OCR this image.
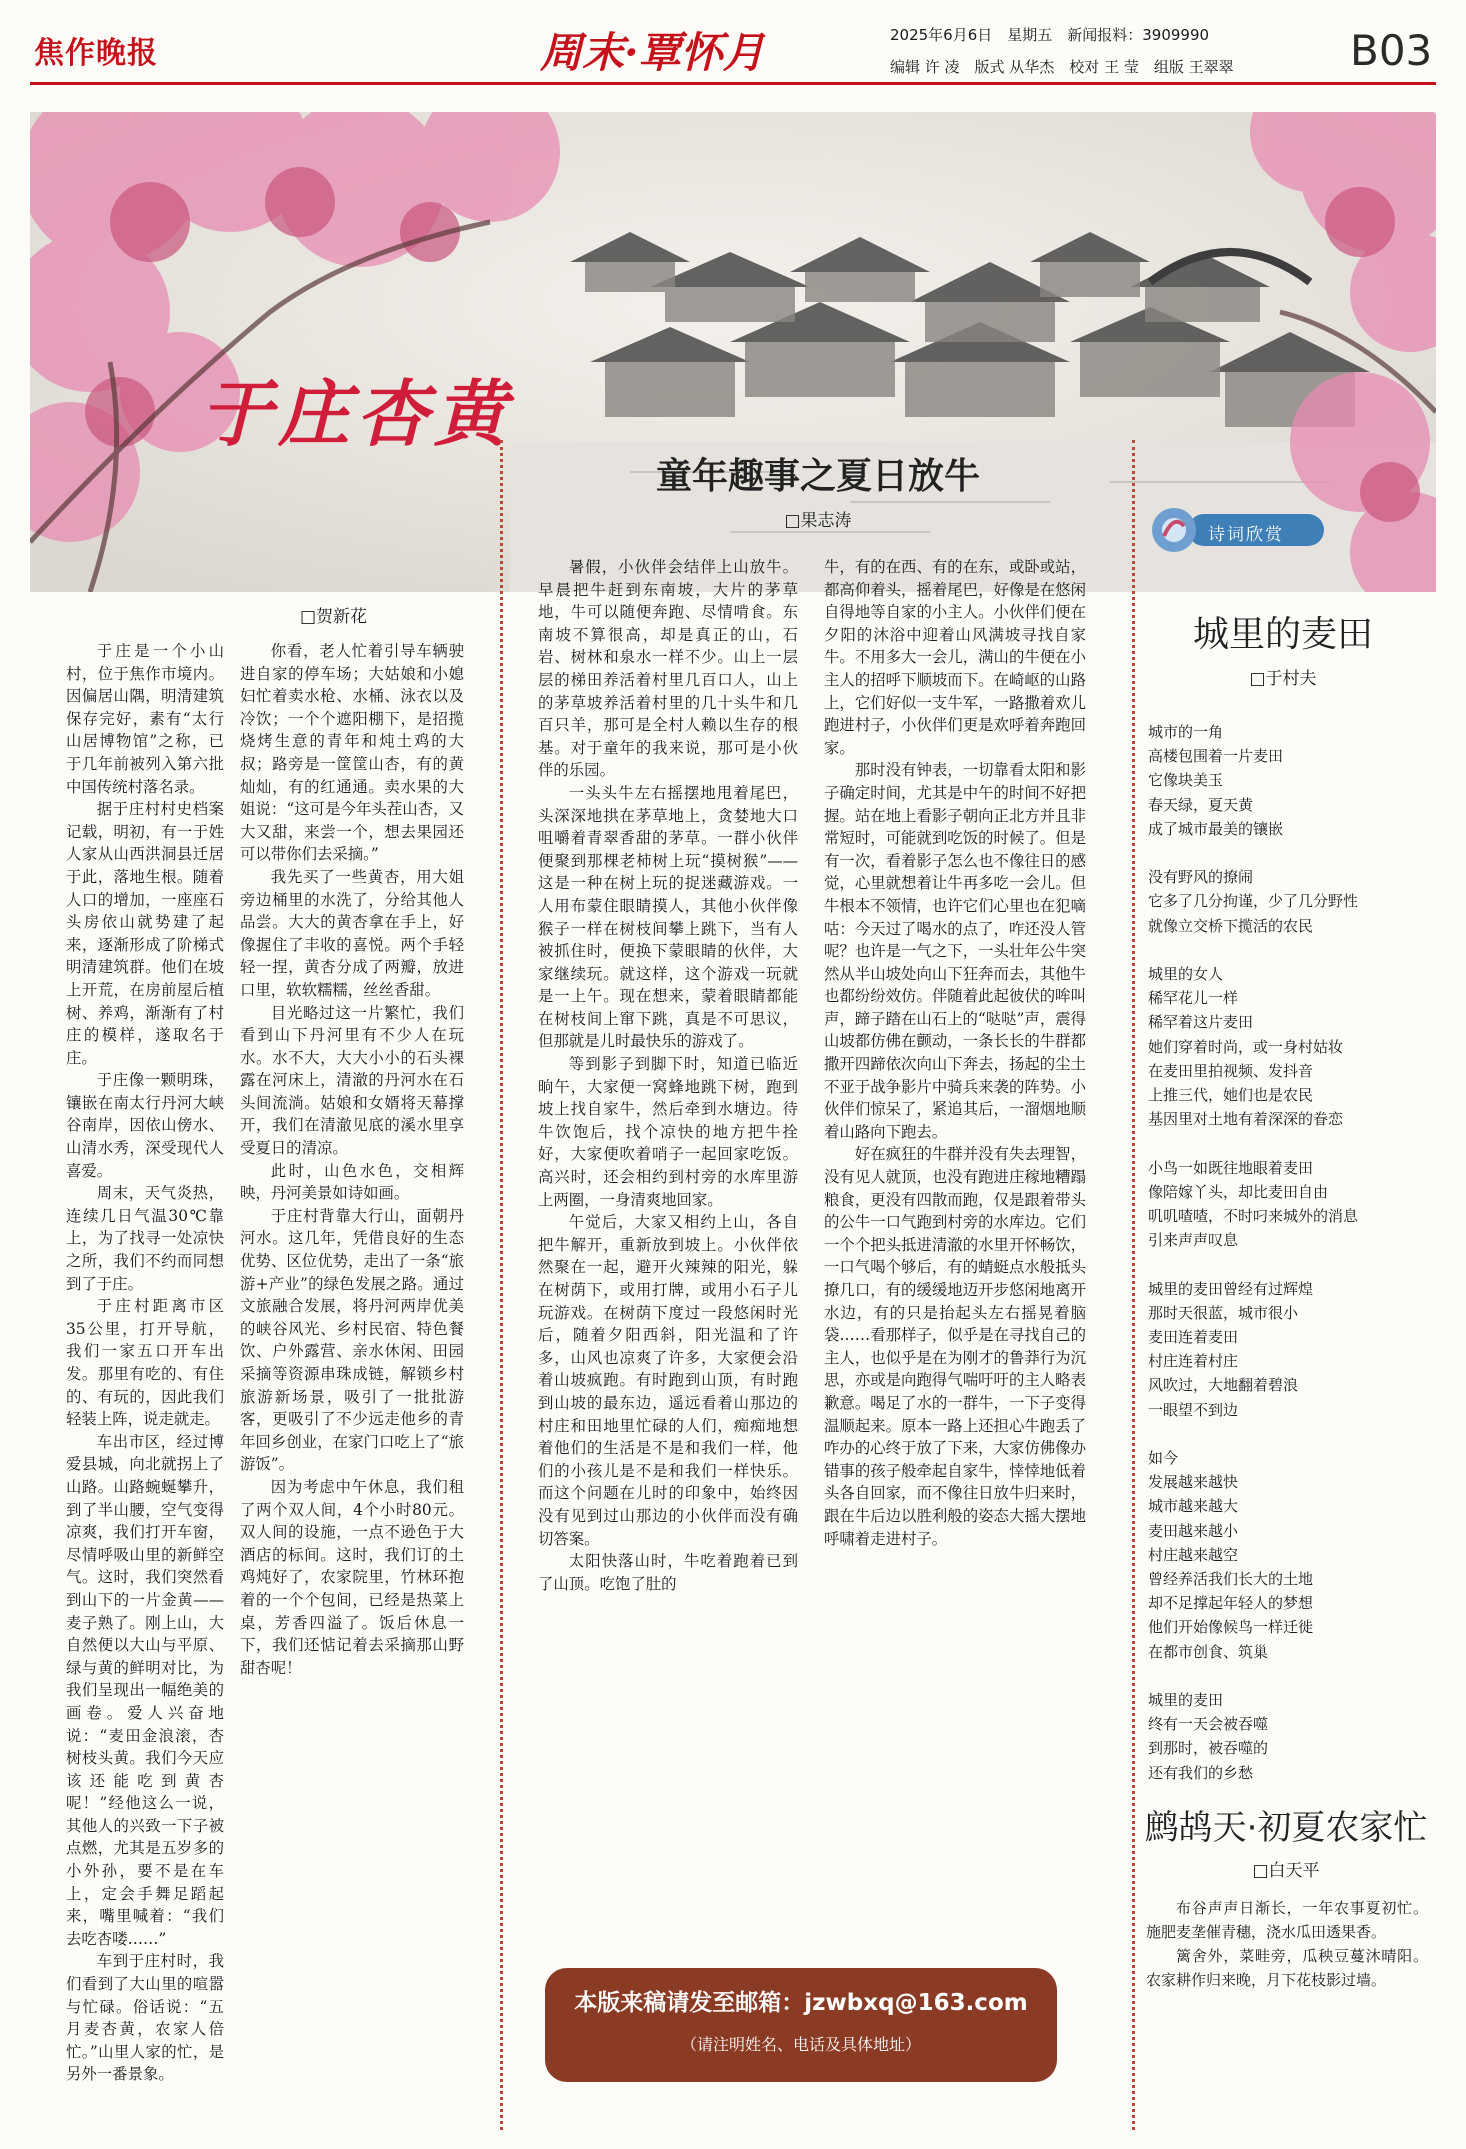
焦作晚报	周末·覃怀月	2025年6月6日　星期五　新闻报料：3909990
编辑 许 凌　版式 从华杰　校对 王 莹　组版 王翠翠	B03
于庄杏黄
□贺新花

于庄是一个小山村，位于焦作市境内。因偏居山隅，明清建筑保存完好，素有“太行山居博物馆”之称，已于几年前被列入第六批中国传统村落名录。

据于庄村村史档案记载，明初，有一于姓人家从山西洪洞县迁居于此，落地生根。随着人口的增加，一座座石头房依山就势建了起来，逐渐形成了阶梯式明清建筑群。他们在坡上开荒，在房前屋后植树、养鸡，渐渐有了村庄的模样，遂取名于庄。

于庄像一颗明珠，镶嵌在南太行丹河大峡谷南岸，因依山傍水、山清水秀，深受现代人喜爱。

周末，天气炎热，连续几日气温30℃靠上，为了找寻一处凉快之所，我们不约而同想到了于庄。

于庄村距离市区35公里，打开导航，我们一家五口开车出发。那里有吃的、有住的、有玩的，因此我们轻装上阵，说走就走。

车出市区，经过博爱县城，向北就拐上了山路。山路蜿蜒攀升，到了半山腰，空气变得凉爽，我们打开车窗，尽情呼吸山里的新鲜空气。这时，我们突然看到山下的一片金黄——麦子熟了。刚上山，大自然便以大山与平原、绿与黄的鲜明对比，为我们呈现出一幅绝美的画卷。爱人兴奋地说：“麦田金浪滚，杏树枝头黄。我们今天应该还能吃到黄杏呢！”经他这么一说，其他人的兴致一下子被点燃，尤其是五岁多的小外孙，要不是在车上，定会手舞足蹈起来，嘴里喊着：“我们去吃杏喽……”

车到于庄村时，我们看到了大山里的喧嚣与忙碌。俗话说：“五月麦杏黄，农家人倍忙。”山里人家的忙，是另外一番景象。

你看，老人忙着引导车辆驶进自家的停车场；大姑娘和小媳妇忙着卖水枪、水桶、泳衣以及冷饮；一个个遮阳棚下，是招揽烧烤生意的青年和炖土鸡的大叔；路旁是一筐筐山杏，有的黄灿灿，有的红通通。卖水果的大姐说：“这可是今年头茬山杏，又大又甜，来尝一个，想去果园还可以带你们去采摘。”

我先买了一些黄杏，用大姐旁边桶里的水洗了，分给其他人品尝。大大的黄杏拿在手上，好像握住了丰收的喜悦。两个手轻轻一捏，黄杏分成了两瓣，放进口里，软软糯糯，丝丝香甜。

目光略过这一片繁忙，我们看到山下丹河里有不少人在玩水。水不大，大大小小的石头裸露在河床上，清澈的丹河水在石头间流淌。姑娘和女婿将天幕撑开，我们在清澈见底的溪水里享受夏日的清凉。

此时，山色水色，交相辉映，丹河美景如诗如画。

于庄村背靠大行山，面朝丹河水。这几年，凭借良好的生态优势、区位优势，走出了一条“旅游+产业”的绿色发展之路。通过文旅融合发展，将丹河两岸优美的峡谷风光、乡村民宿、特色餐饮、户外露营、亲水休闲、田园采摘等资源串珠成链，解锁乡村旅游新场景，吸引了一批批游客，更吸引了不少远走他乡的青年回乡创业，在家门口吃上了“旅游饭”。

因为考虑中午休息，我们租了两个双人间，4个小时80元。双人间的设施，一点不逊色于大酒店的标间。这时，我们订的土鸡炖好了，农家院里，竹林环抱着的一个个包间，已经是热菜上桌，芳香四溢了。饭后休息一下，我们还惦记着去采摘那山野甜杏呢！

童年趣事之夏日放牛
□果志涛

暑假，小伙伴会结伴上山放牛。早晨把牛赶到东南坡，大片的茅草地，牛可以随便奔跑、尽情啃食。东南坡不算很高，却是真正的山，石岩、树林和泉水一样不少。山上一层层的梯田养活着村里几百口人，山上的茅草坡养活着村里的几十头牛和几百只羊，那可是全村人赖以生存的根基。对于童年的我来说，那可是小伙伴的乐园。

一头头牛左右摇摆地甩着尾巴，头深深地拱在茅草地上，贪婪地大口咀嚼着青翠香甜的茅草。一群小伙伴便聚到那棵老柿树上玩“摸树猴”——这是一种在树上玩的捉迷藏游戏。一人用布蒙住眼睛摸人，其他小伙伴像猴子一样在树枝间攀上跳下，当有人被抓住时，便换下蒙眼睛的伙伴，大家继续玩。就这样，这个游戏一玩就是一上午。现在想来，蒙着眼睛都能在树枝间上窜下跳，真是不可思议，但那就是儿时最快乐的游戏了。

等到影子到脚下时，知道已临近晌午，大家便一窝蜂地跳下树，跑到坡上找自家牛，然后牵到水塘边。待牛饮饱后，找个凉快的地方把牛拴好，大家便吹着哨子一起回家吃饭。高兴时，还会相约到村旁的水库里游上两圈，一身清爽地回家。

午觉后，大家又相约上山，各自把牛解开，重新放到坡上。小伙伴依然聚在一起，避开火辣辣的阳光，躲在树荫下，或用打牌，或用小石子儿玩游戏。在树荫下度过一段悠闲时光后，随着夕阳西斜，阳光温和了许多，山风也凉爽了许多，大家便会沿着山坡疯跑。有时跑到山顶，有时跑到山坡的最东边，遥远看着山那边的村庄和田地里忙碌的人们，痴痴地想着他们的生活是不是和我们一样，他们的小孩儿是不是和我们一样快乐。而这个问题在儿时的印象中，始终因没有见到过山那边的小伙伴而没有确切答案。

太阳快落山时，牛吃着跑着已到了山顶。吃饱了肚的

牛，有的在西、有的在东，或卧或站，都高仰着头，摇着尾巴，好像是在悠闲自得地等自家的小主人。小伙伴们便在夕阳的沐浴中迎着山风满坡寻找自家牛。不用多大一会儿，满山的牛便在小主人的招呼下顺坡而下。在崎岖的山路上，它们好似一支牛军，一路撒着欢儿跑进村子，小伙伴们更是欢呼着奔跑回家。

那时没有钟表，一切靠看太阳和影子确定时间，尤其是中午的时间不好把握。站在地上看影子朝向正北方并且非常短时，可能就到吃饭的时候了。但是有一次，看着影子怎么也不像往日的感觉，心里就想着让牛再多吃一会儿。但牛根本不领情，也许它们心里也在犯嘀咕：今天过了喝水的点了，咋还没人管呢？也许是一气之下，一头壮年公牛突然从半山坡处向山下狂奔而去，其他牛也都纷纷效仿。伴随着此起彼伏的哞叫声，蹄子踏在山石上的“哒哒”声，震得山坡都仿佛在颤动，一条长长的牛群都撒开四蹄依次向山下奔去，扬起的尘土不亚于战争影片中骑兵来袭的阵势。小伙伴们惊呆了，紧追其后，一溜烟地顺着山路向下跑去。

好在疯狂的牛群并没有失去理智，没有见人就顶，也没有跑进庄稼地糟蹋粮食，更没有四散而跑，仅是跟着带头的公牛一口气跑到村旁的水库边。它们一个个把头抵进清澈的水里开怀畅饮，一口气喝个够后，有的蜻蜓点水般抵头撩几口，有的缓缓地迈开步悠闲地离开水边，有的只是抬起头左右摇晃着脑袋……看那样子，似乎是在寻找自己的主人，也似乎是在为刚才的鲁莽行为沉思，亦或是向跑得气喘吁吁的主人略表歉意。喝足了水的一群牛，一下子变得温顺起来。原本一路上还担心牛跑丢了咋办的心终于放了下来，大家仿佛像办错事的孩子般牵起自家牛，悻悻地低着头各自回家，而不像往日放牛归来时，跟在牛后边以胜利般的姿态大摇大摆地呼啸着走进村子。

本版来稿请发至邮箱：jzwbxq@163.com
（请注明姓名、电话及具体地址）
诗词欣赏
城里的麦田
□于村夫
城市的一角
高楼包围着一片麦田
它像块美玉
春天绿，夏天黄
成了城市最美的镶嵌
没有野风的撩闹
它多了几分拘谨，少了几分野性
就像立交桥下揽活的农民
城里的女人
稀罕花儿一样
稀罕着这片麦田
她们穿着时尚，或一身村姑妆
在麦田里拍视频、发抖音
上推三代，她们也是农民
基因里对土地有着深深的眷恋
小鸟一如既往地眼着麦田
像陪嫁丫头，却比麦田自由
叽叽喳喳，不时叼来城外的消息
引来声声叹息
城里的麦田曾经有过辉煌
那时天很蓝，城市很小
麦田连着麦田
村庄连着村庄
风吹过，大地翻着碧浪
一眼望不到边
如今
发展越来越快
城市越来越大
麦田越来越小
村庄越来越空
曾经养活我们长大的土地
却不足撑起年轻人的梦想
他们开始像候鸟一样迁徙
在都市创食、筑巢
城里的麦田
终有一天会被吞噬
到那时，被吞噬的
还有我们的乡愁
鹧鸪天·初夏农家忙
□白天平

布谷声声日渐长，一年农事夏初忙。施肥麦垄催青穗，浇水瓜田透果香。

篱舍外，菜畦旁，瓜秧豆蔓沐晴阳。农家耕作归来晚，月下花枝影过墙。
